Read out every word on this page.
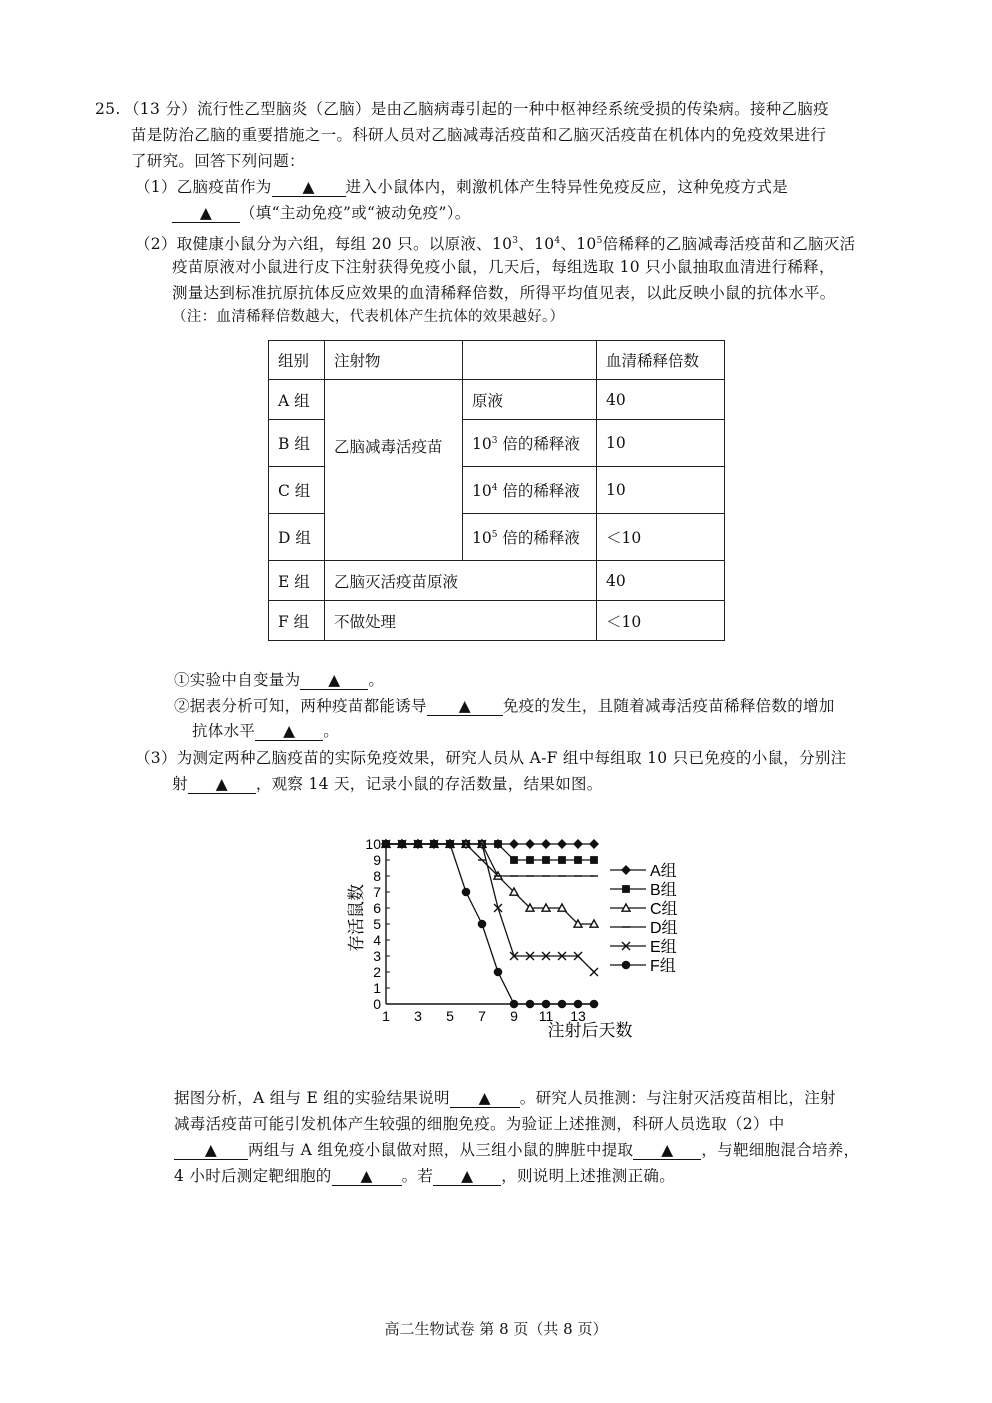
25. （13 分）流行性乙型脑炎（乙脑）是由乙脑病毒引起的一种中枢神经系统受损的传染病。接种乙脑疫
苗是防治乙脑的重要措施之一。科研人员对乙脑减毒活疫苗和乙脑灭活疫苗在机体内的免疫效果进行
了研究。回答下列问题：
（1）乙脑疫苗作为 ▲ 进入小鼠体内，刺激机体产生特异性免疫反应，这种免疫方式是
▲ （填“主动免疫”或“被动免疫”）。
（2）取健康小鼠分为六组，每组 20 只。以原液、$10^3$、$10^4$、$10^5$倍稀释的乙脑减毒活疫苗和乙脑灭活
疫苗原液对小鼠进行皮下注射获得免疫小鼠，几天后，每组选取 10 只小鼠抽取血清进行稀释，
测量达到标准抗原抗体反应效果的血清稀释倍数，所得平均值见表，以此反映小鼠的抗体水平。
（注：血清稀释倍数越大，代表机体产生抗体的效果越好。）
组别	注射物		血清稀释倍数
A 组	乙脑减毒活疫苗	原液	40
B 组		$10^3$ 倍的稀释液	10
C 组		$10^4$ 倍的稀释液	10
D 组		$10^5$ 倍的稀释液	＜10
E 组	乙脑灭活疫苗原液		40
F 组	不做处理		＜10
①实验中自变量为 ▲ 。
②据表分析可知，两种疫苗都能诱导 ▲ 免疫的发生，且随着减毒活疫苗稀释倍数的增加
抗体水平 ▲ 。
（3）为测定两种乙脑疫苗的实际免疫效果，研究人员从 A-F 组中每组取 10 只已免疫的小鼠，分别注
射 ▲ ，观察 14 天，记录小鼠的存活数量，结果如图。
0
1
2
3
4
5
6
7
8
9
10
1 3 5 7 9 11 13
A组
B组
C组
D组
E组
F组
存活鼠数
注射后天数
据图分析，A 组与 E 组的实验结果说明 ▲ 。研究人员推测：与注射灭活疫苗相比，注射
减毒活疫苗可能引发机体产生较强的细胞免疫。为验证上述推测，科研人员选取（2）中
▲ 两组与 A 组免疫小鼠做对照，从三组小鼠的脾脏中提取 ▲ ，与靶细胞混合培养，
4 小时后测定靶细胞的 ▲ 。若 ▲ ，则说明上述推测正确。
高二生物试卷 第 8 页（共 8 页）
